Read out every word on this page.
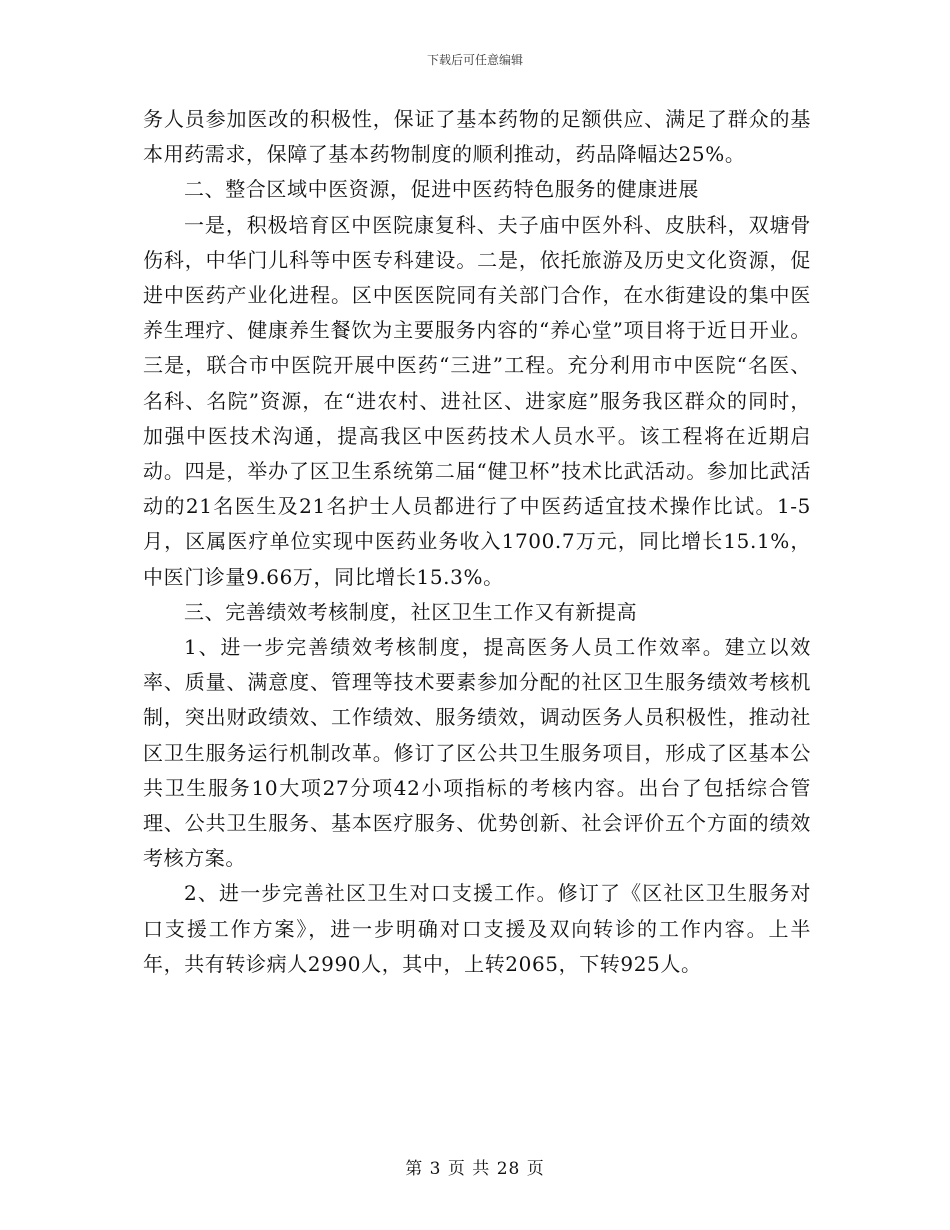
下载后可任意编辑

务人员参加医改的积极性，保证了基本药物的足额供应、满足了群众的基本用药需求，保障了基本药物制度的顺利推动，药品降幅达25%。

二、整合区域中医资源，促进中医药特色服务的健康进展

一是，积极培育区中医院康复科、夫子庙中医外科、皮肤科，双塘骨伤科，中华门儿科等中医专科建设。二是，依托旅游及历史文化资源，促进中医药产业化进程。区中医医院同有关部门合作，在水街建设的集中医养生理疗、健康养生餐饮为主要服务内容的“养心堂”项目将于近日开业。三是，联合市中医院开展中医药“三进”工程。充分利用市中医院“名医、名科、名院”资源，在“进农村、进社区、进家庭”服务我区群众的同时，加强中医技术沟通，提高我区中医药技术人员水平。该工程将在近期启动。四是，举办了区卫生系统第二届“健卫杯”技术比武活动。参加比武活动的21名医生及21名护士人员都进行了中医药适宜技术操作比试。1-5月，区属医疗单位实现中医药业务收入1700.7万元，同比增长15.1%，中医门诊量9.66万，同比增长15.3%。

三、完善绩效考核制度，社区卫生工作又有新提高

1、进一步完善绩效考核制度，提高医务人员工作效率。建立以效率、质量、满意度、管理等技术要素参加分配的社区卫生服务绩效考核机制，突出财政绩效、工作绩效、服务绩效，调动医务人员积极性，推动社区卫生服务运行机制改革。修订了区公共卫生服务项目，形成了区基本公共卫生服务10大项27分项42小项指标的考核内容。出台了包括综合管理、公共卫生服务、基本医疗服务、优势创新、社会评价五个方面的绩效考核方案。

2、进一步完善社区卫生对口支援工作。修订了《区社区卫生服务对口支援工作方案》，进一步明确对口支援及双向转诊的工作内容。上半年，共有转诊病人2990人，其中，上转2065，下转925人。

第 3 页 共 28 页
